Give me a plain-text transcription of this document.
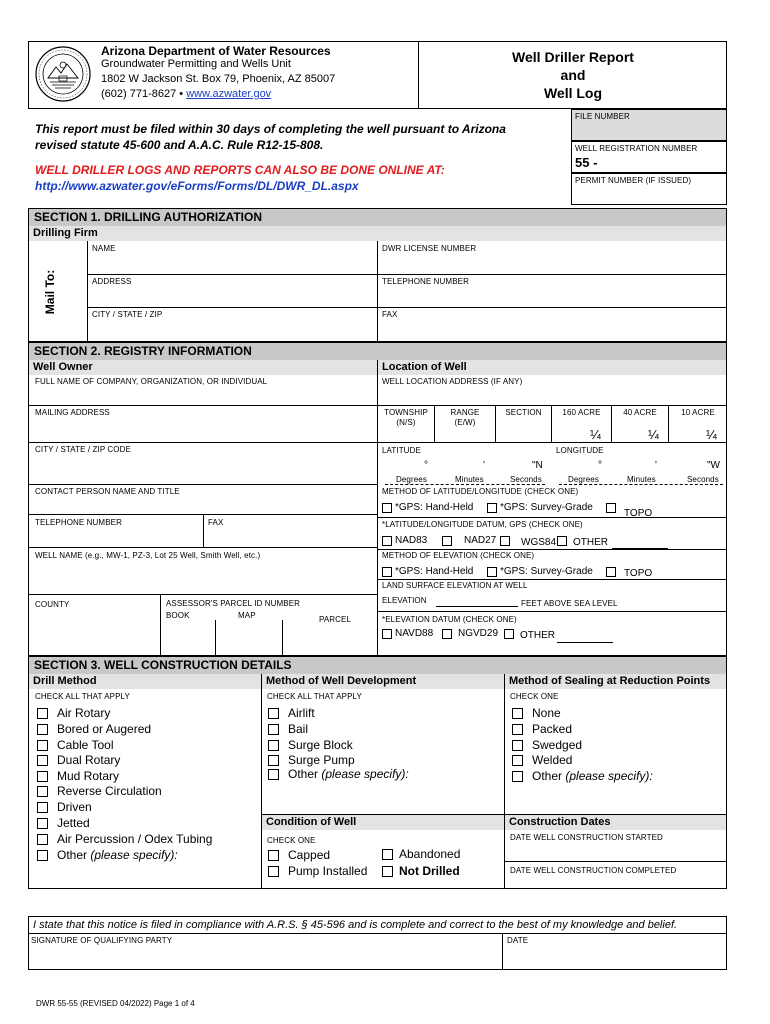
Arizona Department of Water Resources
Groundwater Permitting and Wells Unit
1802 W Jackson St. Box 79, Phoenix, AZ 85007
(602) 771-8627 • www.azwater.gov
Well Driller Report
and
Well Log
This report must be filed within 30 days of completing the well pursuant to Arizona revised statute 45-600 and A.A.C. Rule R12-15-808.
WELL DRILLER LOGS AND REPORTS CAN ALSO BE DONE ONLINE AT:
http://www.azwater.gov/eForms/Forms/DL/DWR_DL.aspx
FILE NUMBER
WELL REGISTRATION NUMBER
55 -
PERMIT NUMBER (IF ISSUED)
SECTION 1. DRILLING AUTHORIZATION
Drilling Firm
Mail To:
NAME	DWR LICENSE NUMBER
ADDRESS	TELEPHONE NUMBER
CITY / STATE / ZIP	FAX
SECTION 2. REGISTRY INFORMATION
Well Owner	Location of Well
FULL NAME OF COMPANY, ORGANIZATION, OR INDIVIDUAL
MAILING ADDRESS
CITY / STATE / ZIP CODE
CONTACT PERSON NAME AND TITLE
TELEPHONE NUMBER	FAX
WELL NAME (e.g., MW-1, PZ-3, Lot 25 Well, Smith Well, etc.)
COUNTY	ASSESSOR'S PARCEL ID NUMBER
BOOK	MAP	PARCEL
WELL LOCATION ADDRESS (IF ANY)
TOWNSHIP
(N/S)
RANGE
(E/W)
SECTION	160 ACRE	40 ACRE	10 ACRE
¼	¼	¼
LATITUDE	LONGITUDE
°	'	"N	°	'	"W
Degrees	Minutes	Seconds	Degrees	Minutes	Seconds
METHOD OF LATITUDE/LONGITUDE (CHECK ONE)
*GPS: Hand-Held	*GPS: Survey-Grade
TOPO
*LATITUDE/LONGITUDE DATUM, GPS (CHECK ONE)
NAD83	NAD27 WGS84 OTHER
METHOD OF ELEVATION (CHECK ONE)
*GPS: Hand-Held	*GPS: Survey-Grade	TOPO
LAND SURFACE ELEVATION AT WELL
ELEVATION	FEET ABOVE SEA LEVEL
*ELEVATION DATUM (CHECK ONE)
NAVD88 NGVD29 OTHER
SECTION 3. WELL CONSTRUCTION DETAILS
Drill Method	Method of Well Development	Method of Sealing at Reduction Points
CHECK ALL THAT APPLY	CHECK ALL THAT APPLY	CHECK ONE
Air Rotary
Bored or Augered
Cable Tool
Dual Rotary
Mud Rotary
Reverse Circulation
Driven
Jetted
Air Percussion / Odex Tubing
Other
(please specify):
Airlift
Bail
Surge Block
Surge Pump
Other
(please specify):
None
Packed
Swedged
Welded
Other
(please specify):
Condition of Well	Construction Dates
CHECK ONE
Capped
Pump Installed
Abandoned
Not Drilled
DATE WELL CONSTRUCTION STARTED
DATE WELL CONSTRUCTION COMPLETED
I state that this notice is filed in compliance with A.R.S. § 45-596 and is complete and correct to the best of my knowledge and belief.
SIGNATURE OF QUALIFYING PARTY	DATE
DWR 55-55 (REVISED 04/2022) Page 1 of 4
